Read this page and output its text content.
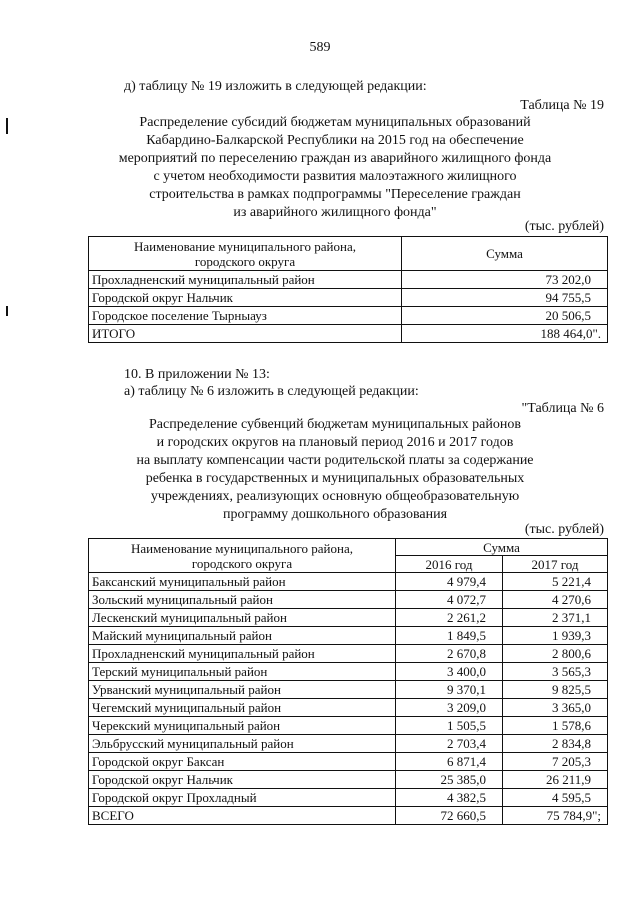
589
д) таблицу № 19 изложить в следующей редакции:
Таблица № 19
Распределение субсидий бюджетам муниципальных образований
Кабардино-Балкарской Республики на 2015 год на обеспечение
мероприятий по переселению граждан из аварийного жилищного фонда
с учетом необходимости развития малоэтажного жилищного
строительства в рамках подпрограммы "Переселение граждан
из аварийного жилищного фонда"
(тыс. рублей)
Наименование муниципального района,
городского округа	Сумма
Прохладненский муниципальный район	73 202,0
Городской округ Нальчик	94 755,5
Городское поселение Тырныауз	20 506,5
ИТОГО	188 464,0".
10. В приложении № 13:
а) таблицу № 6 изложить в следующей редакции:
"Таблица № 6
Распределение субвенций бюджетам муниципальных районов
и городских округов на плановый период 2016 и 2017 годов
на выплату компенсации части родительской платы за содержание
ребенка в государственных и муниципальных образовательных
учреждениях, реализующих основную общеобразовательную
программу дошкольного образования
(тыс. рублей)
Наименование муниципального района,
городского округа	Сумма	
	2016 год	2017 год
Баксанский муниципальный район	4 979,4	5 221,4
Зольский муниципальный район	4 072,7	4 270,6
Лескенский муниципальный район	2 261,2	2 371,1
Майский муниципальный район	1 849,5	1 939,3
Прохладненский муниципальный район	2 670,8	2 800,6
Терский муниципальный район	3 400,0	3 565,3
Урванский муниципальный район	9 370,1	9 825,5
Чегемский муниципальный район	3 209,0	3 365,0
Черекский муниципальный район	1 505,5	1 578,6
Эльбрусский муниципальный район	2 703,4	2 834,8
Городской округ Баксан	6 871,4	7 205,3
Городской округ Нальчик	25 385,0	26 211,9
Городской округ Прохладный	4 382,5	4 595,5
ВСЕГО	72 660,5	75 784,9";
